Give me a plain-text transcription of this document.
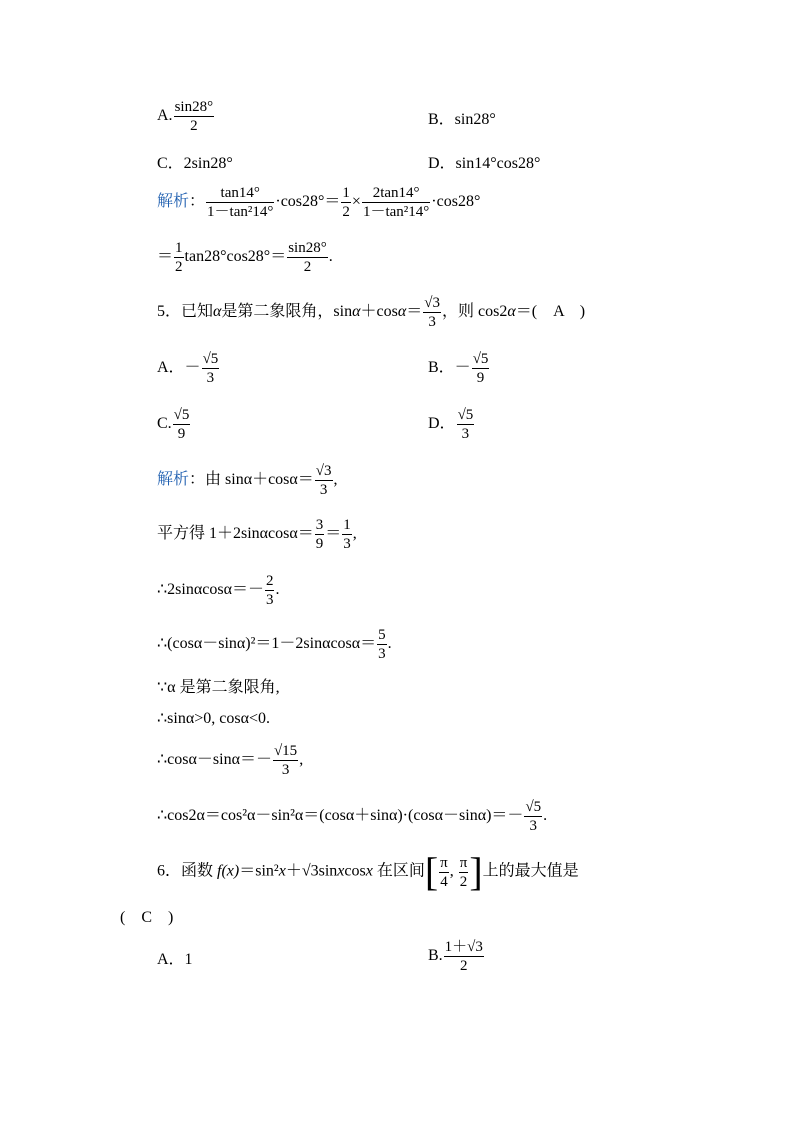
A. $\frac{\sin 28^\circ}{2}$	B．sin28°
C．2sin28°	D．sin14°cos28°
解析： $\frac{\tan 14^\circ}{\text{1－tan²14°}} \cdot\cos 28^\circ= \frac{1}{2} \times \frac{2\tan 14^\circ}{\text{1－tan²14°}} \cdot\cos 28^\circ$
＝ $\frac{1}{2} \tan 28^\circ\cos 28^\circ= \frac{\sin 28^\circ}{2}$ .
5．已知α是第二象限角，$\sin\alpha+\cos\alpha= \frac{√3}{3}$ ，则 cos2α＝(　A　)
A．－ $\frac{√5}{3}$	B．－ $\frac{√5}{9}$
C. $\frac{√5}{9}$	D． $\frac{√5}{3}$
解析：由 $\sin\alpha+\cos\alpha= \frac{√3}{3}$ ,
平方得 $1+2\sin\alpha\cos\alpha= \frac{3}{9} = \frac{1}{3}$ ,
∴2sinαcosα＝－ $\frac{2}{3}$ .
∴(cosα－sinα)²＝1－2sinαcosα＝ $\frac{5}{3}$ .
∵α 是第二象限角,
∴sinα>0, cosα<0.
∴cosα－sinα＝－ $\frac{√15}{3}$ ,
∴cos2α＝cos²α－sin²α＝(cosα＋sinα)·(cosα－sinα)＝－ $\frac{√5}{3}$ .
6．函数 f(x)＝sin²x＋√3sinxcosx 在区间[ $\frac{\pi}{4}$ , $\frac{\pi}{2}$ ]上的最大值是
(　C　)
A．1	B. $\frac{1+√3}{2}$
